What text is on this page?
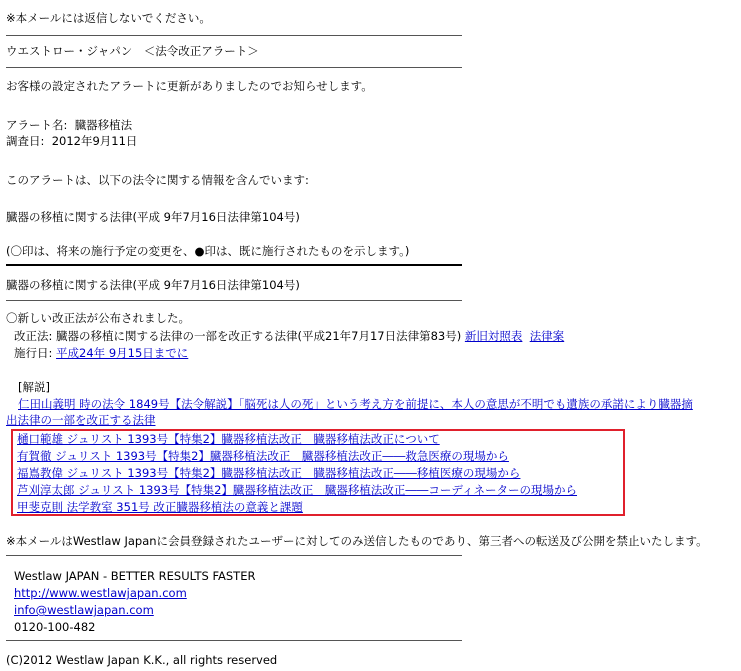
※本メールには返信しないでください。
ウエストロー・ジャパン　＜法令改正アラート＞
お客様の設定されたアラートに更新がありましたのでお知らせします。
アラート名: 臓器移植法
調査日: 2012年9月11日
このアラートは、以下の法令に関する情報を含んでいます:
臓器の移植に関する法律(平成 9年7月16日法律第104号)
(〇印は、将来の施行予定の変更を、●印は、既に施行されたものを示します。)
臓器の移植に関する法律(平成 9年7月16日法律第104号)
〇新しい改正法が公布されました。
改正法: 臓器の移植に関する法律の一部を改正する法律(平成21年7月17日法律第83号) 新旧対照表 法律案
施行日: 平成24年 9月15日までに
[解説]
仁田山義明 時の法令 1849号【法令解説】「脳死は人の死」という考え方を前提に、本人の意思が不明でも遺族の承諾により臓器摘
出法律の一部を改正する法律
樋口範雄 ジュリスト 1393号【特集2】臓器移植法改正　臓器移植法改正について
有賀徹 ジュリスト 1393号【特集2】臓器移植法改正　臓器移植法改正――救急医療の現場から
福嶌教偉 ジュリスト 1393号【特集2】臓器移植法改正　臓器移植法改正――移植医療の現場から
芦刈淳太郎 ジュリスト 1393号【特集2】臓器移植法改正　臓器移植法改正――コーディネーターの現場から
甲斐克則 法学教室 351号 改正臓器移植法の意義と課題
※本メールはWestlaw Japanに会員登録されたユーザーに対してのみ送信したものであり、第三者への転送及び公開を禁止いたします。
Westlaw JAPAN - BETTER RESULTS FASTER
http://www.westlawjapan.com
info@westlawjapan.com
0120-100-482
(C)2012 Westlaw Japan K.K., all rights reserved
